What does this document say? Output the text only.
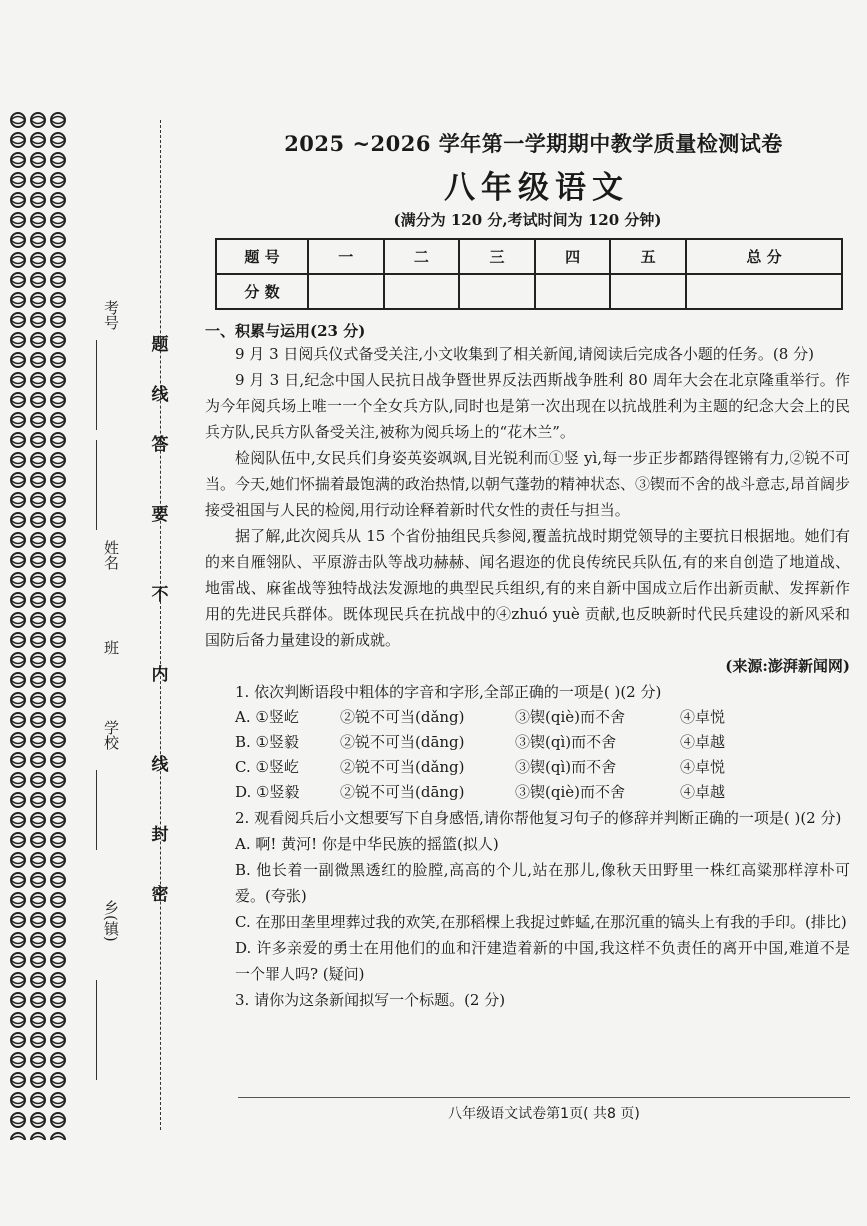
考号
姓名
班
学校
乡(镇)
题
线
答
要
不
内
线
封
密
2025 ~2026 学年第一学期期中教学质量检测试卷
八年级语文
(满分为 120 分,考试时间为 120 分钟)
题 号	一	二	三	四	五	总 分
分 数						
一、积累与运用(23 分)

9 月 3 日阅兵仪式备受关注,小文收集到了相关新闻,请阅读后完成各小题的任务。(8 分)

9 月 3 日,纪念中国人民抗日战争暨世界反法西斯战争胜利 80 周年大会在北京隆重举行。作为今年阅兵场上唯一一个全女兵方队,同时也是第一次出现在以抗战胜利为主题的纪念大会上的民兵方队,民兵方队备受关注,被称为阅兵场上的“花木兰”。

检阅队伍中,女民兵们身姿英姿飒飒,目光锐利而①竖 yì,每一步正步都踏得铿锵有力,②锐不可当。今天,她们怀揣着最饱满的政治热情,以朝气蓬勃的精神状态、③锲而不舍的战斗意志,昂首阔步接受祖国与人民的检阅,用行动诠释着新时代女性的责任与担当。

据了解,此次阅兵从 15 个省份抽组民兵参阅,覆盖抗战时期党领导的主要抗日根据地。她们有的来自雁翎队、平原游击队等战功赫赫、闻名遐迩的优良传统民兵队伍,有的来自创造了地道战、地雷战、麻雀战等独特战法发源地的典型民兵组织,有的来自新中国成立后作出新贡献、发挥新作用的先进民兵群体。既体现民兵在抗战中的④zhuó yuè 贡献,也反映新时代民兵建设的新风采和国防后备力量建设的新成就。

(来源:澎湃新闻网)

1. 依次判断语段中粗体的字音和字形,全部正确的一项是( )(2 分)

A. ①竖屹	②锐不可当(dǎng)	③锲(qiè)而不舍	④卓悦
B. ①竖毅	②锐不可当(dāng)	③锲(qì)而不舍	④卓越
C. ①竖屹	②锐不可当(dǎng)	③锲(qì)而不舍	④卓悦
D. ①竖毅	②锐不可当(dāng)	③锲(qiè)而不舍	④卓越

2. 观看阅兵后小文想要写下自身感悟,请你帮他复习句子的修辞并判断正确的一项是( )(2 分)

A. 啊! 黄河! 你是中华民族的摇篮(拟人)

B. 他长着一副微黑透红的脸膛,高高的个儿,站在那儿,像秋天田野里一株红高粱那样淳朴可爱。(夸张)

C. 在那田垄里埋葬过我的欢笑,在那稻棵上我捉过蚱蜢,在那沉重的镐头上有我的手印。(排比)

D. 许多亲爱的勇士在用他们的血和汗建造着新的中国,我这样不负责任的离开中国,难道不是一个罪人吗? (疑问)

3. 请你为这条新闻拟写一个标题。(2 分)

八年级语文试卷第1页( 共8 页)
